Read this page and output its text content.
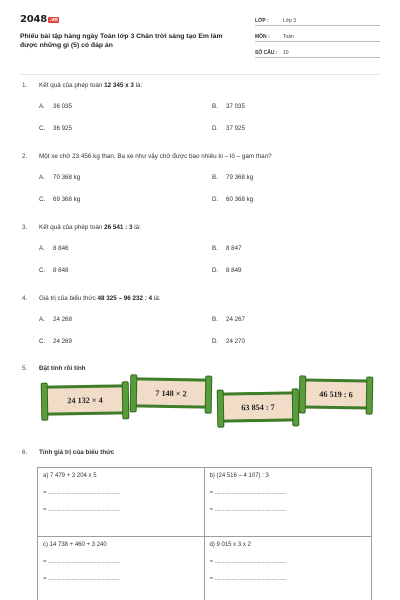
2048 .vn
Phiếu bài tập hàng ngày Toán lớp 3 Chân trời sáng tạo Em làm được những gì (5) có đáp án
LỚP :	Lớp 3
MÔN :	Toán
SỐ CÂU :	10
1.	Kết quả của phép toán 12 345 x 3 là:
A. 36 035	B. 37 035
C. 36 925	D. 37 925
2.	Một xe chở 23 456 kg than. Ba xe như vậy chở được bao nhiêu ki – lô – gam than?
A. 70 368 kg	B. 79 368 kg
C. 69 368 kg	D. 60 368 kg
3.	Kết quả của phép toán 26 541 : 3 là:
A. 8 846	B. 8 847
C. 8 848	D. 8 849
4.	Giá trị của biểu thức 48 325 – 96 232 : 4 là:
A. 24 268	B. 24 267
C. 24 269	D. 24 270
5.	Đặt tính rồi tính
24 132 × 4
7 148 × 2
63 854 : 7
46 519 : 6
6.	Tính giá trị của biểu thức
a) 7 479 + 3 204 x 5
= ...........................................
= ...........................................
b) (24 516 – 4 107) : 3
= ...........................................
= ...........................................
c) 14 738 + 460 + 3 240
= ...........................................
= ...........................................
d) 9 015 x 3 x 2
= ...........................................
= ...........................................
